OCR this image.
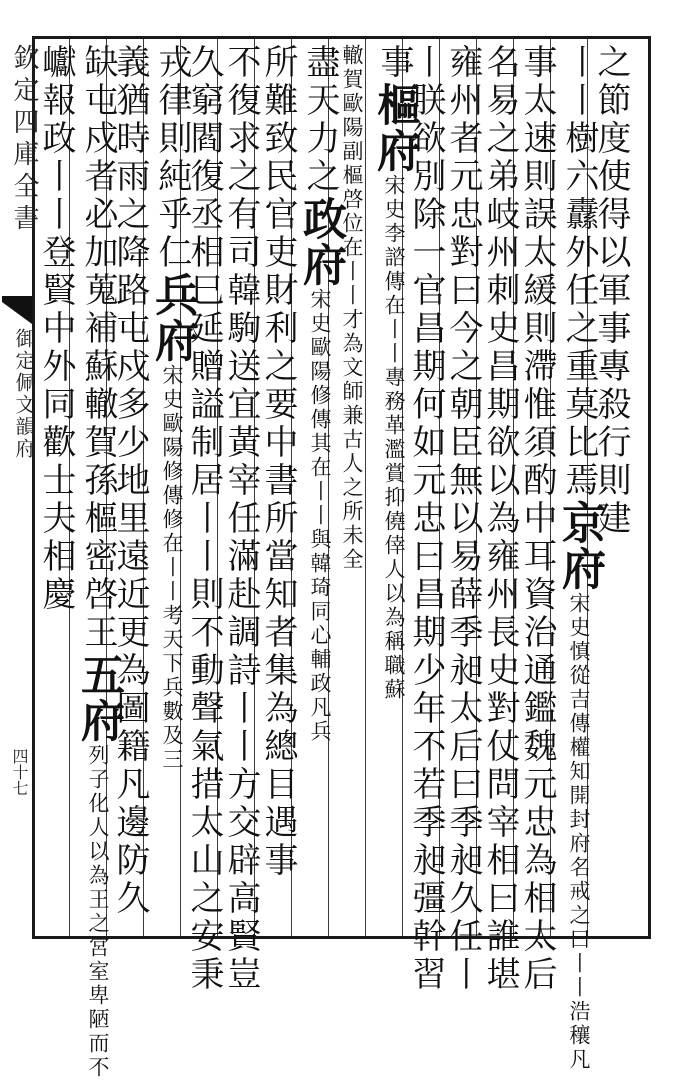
欽定四庫全書
御定佩文韻府
四十七
之節度使得以軍事專殺行則建
丨丨樹六纛外任之重莫比焉京府宋史慎從吉傳權知開封府名戒之曰丨丨浩穰凡
事太速則誤太緩則滯惟須酌中耳資治通鑑魏元忠為相太后
名易之弟岐州刺史昌期欲以為雍州長史對仗問宰相曰誰堪
雍州者元忠對曰今之朝臣無以易薛季昶太后曰季昶久任丨
丨朕欲別除一官昌期何如元忠曰昌期少年不若季昶彊幹習
事樞府宋史李諮傳在丨丨專務革濫賞抑僥倖人以為稱職蘇
轍賀歐陽副樞啓位在丨丨才為文師兼古人之所未全
盡天力之政府宋史歐陽修傳其在丨丨與韓琦同心輔政凡兵
所難致民官吏財利之要中書所當知者集為總目遇事
不復求之有司韓駒送宜黃宰任滿赴調詩丨丨方交辟高賢豈
久窮閻復丞相巳延贈謚制居丨丨則不動聲氣措太山之安秉
戎律則純乎仁兵府宋史歐陽修傳修在丨丨考天下兵數及三
義猶時雨之降路屯戍多少地里遠近更為圖籍凡邊防久
缺屯戍者必加蒐補蘇轍賀孫樞密啓王五府列子化人以為王之宮室卑陋而不
巘報政丨丨登賢中外同歡士夫相慶
